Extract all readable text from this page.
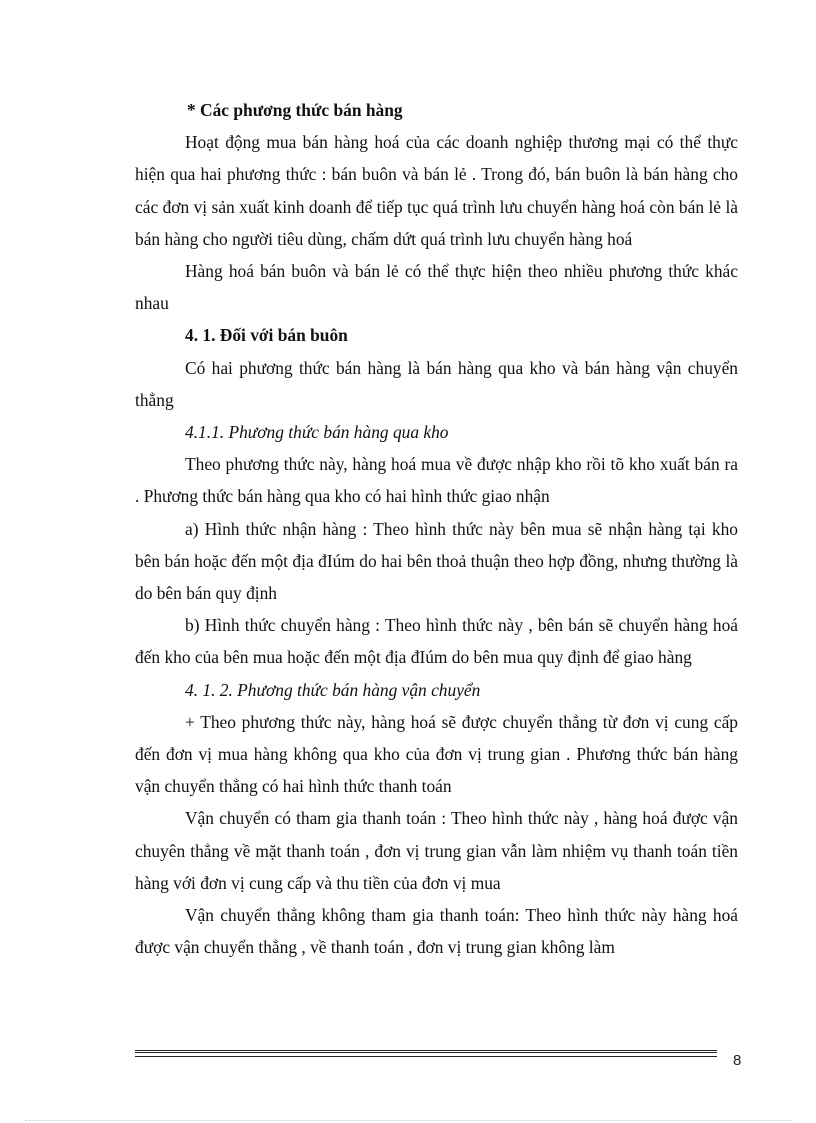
* Các phương thức bán hàng

Hoạt động mua bán hàng hoá của các doanh nghiệp thương mại có thể thực hiện qua hai phương thức : bán buôn và bán lẻ . Trong đó, bán buôn là bán hàng cho các đơn vị sản xuất kinh doanh để tiếp tục quá trình lưu chuyển hàng hoá còn bán lẻ là bán hàng cho người tiêu dùng, chấm dứt quá trình lưu chuyển hàng hoá

Hàng hoá bán buôn và bán lẻ có thể thực hiện theo nhiều phương thức khác nhau

4. 1. Đối với bán buôn

Có hai phương thức bán hàng là bán hàng qua kho và bán hàng vận chuyển thẳng

4.1.1. Phương thức bán hàng qua kho

Theo phương thức này, hàng hoá mua về được nhập kho rồi tõ kho xuất bán ra . Phương thức bán hàng qua kho có hai hình thức giao nhận

a) Hình thức nhận hàng : Theo hình thức này bên mua sẽ nhận hàng tại kho bên bán hoặc đến một địa đIúm do hai bên thoả thuận theo hợp đồng, nhưng thường là do bên bán quy định

b) Hình thức chuyển hàng : Theo hình thức này , bên bán sẽ chuyển hàng hoá đến kho của bên mua hoặc đến một địa đIúm do bên mua quy định để giao hàng

4. 1. 2. Phương thức bán hàng vận chuyển

+ Theo phương thức này, hàng hoá sẽ được chuyển thẳng từ đơn vị cung cấp đến đơn vị mua hàng không qua kho của đơn vị trung gian . Phương thức bán hàng vận chuyển thẳng có hai hình thức thanh toán

Vận chuyển có tham gia thanh toán : Theo hình thức này , hàng hoá được vận chuyên thẳng về mặt thanh toán , đơn vị trung gian vẫn làm nhiệm vụ thanh toán tiền hàng với đơn vị cung cấp và thu tiền của đơn vị mua

Vận chuyển thẳng không tham gia thanh toán: Theo hình thức này hàng hoá được vận chuyển thẳng , về thanh toán , đơn vị trung gian không làm

8
